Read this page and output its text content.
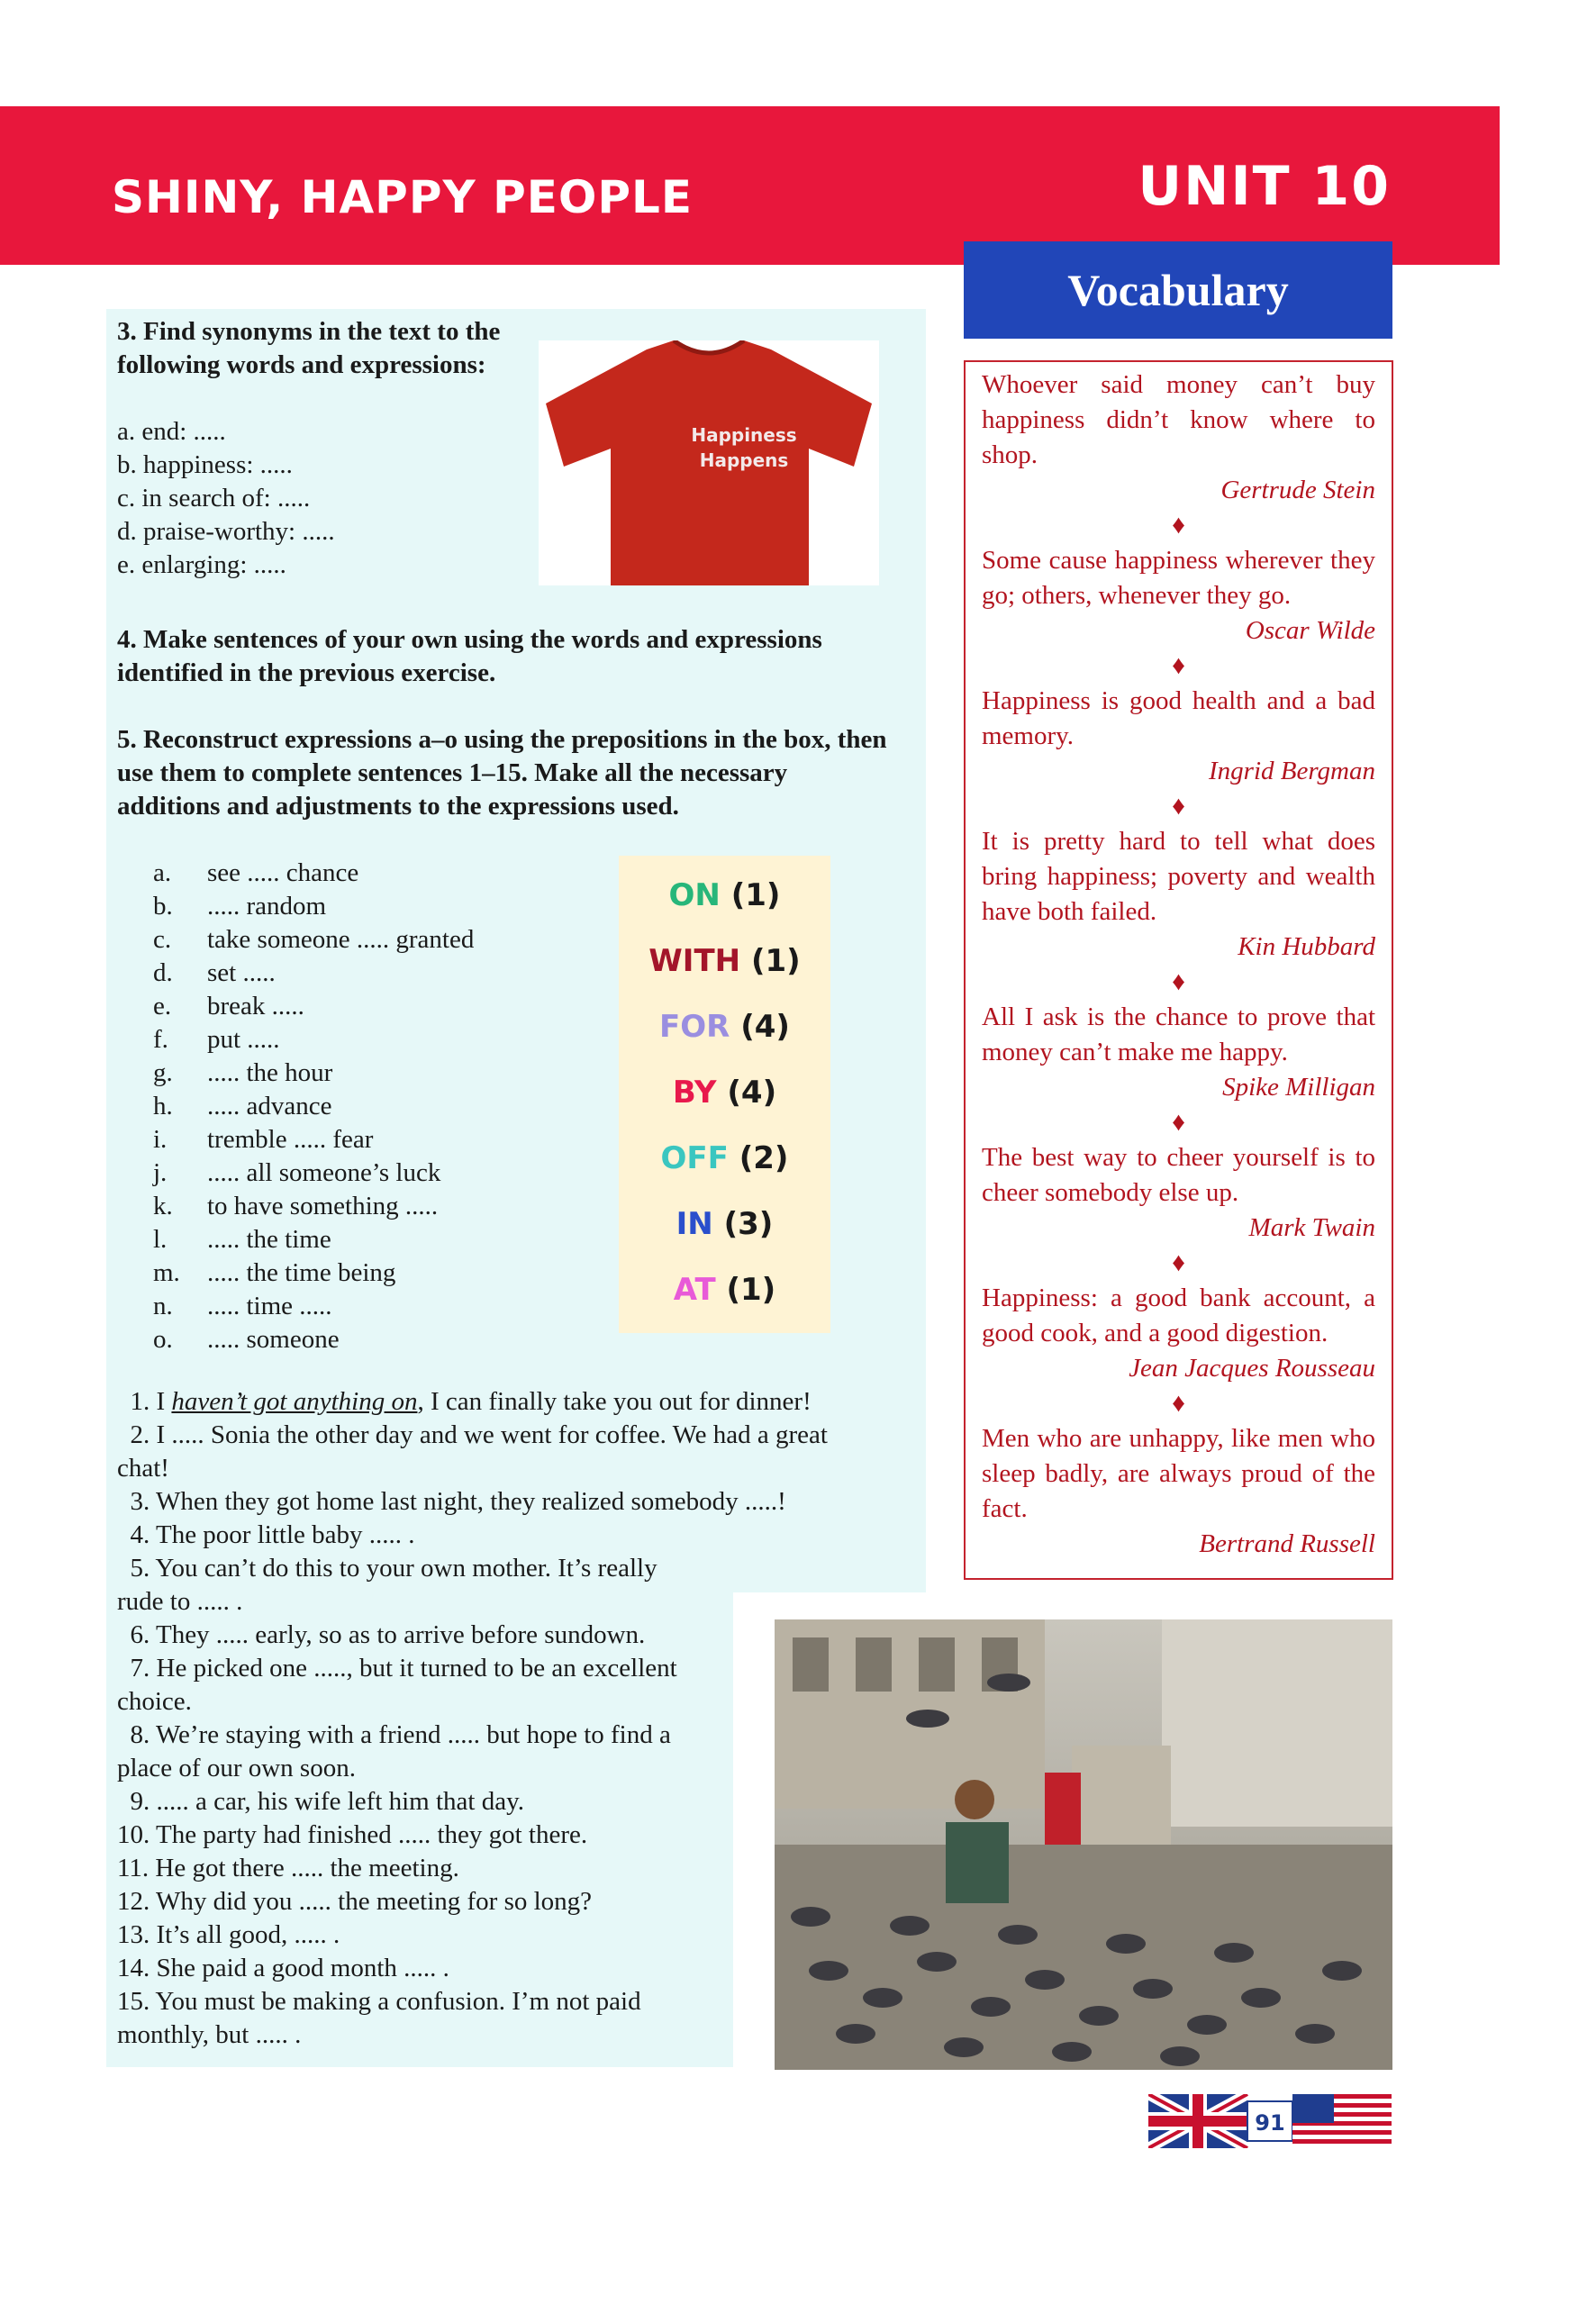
SHINY, HAPPY PEOPLE	UNIT 10
Vocabulary
3. Find synonyms in the text to the
following words and expressions:
a. end: .....
b. happiness: .....
c. in search of: .....
d. praise-worthy: .....
e. enlarging: .....
Happiness
Happens

4. Make sentences of your own using the words and expressions
identified in the previous exercise.

5. Reconstruct expressions a–o using the prepositions in the box, then
use them to complete sentences 1–15. Make all the necessary
additions and adjustments to the expressions used.

a.	see ..... chance
b.	..... random
c.	take someone ..... granted
d.	set .....
e.	break .....
f.	put .....
g.	..... the hour
h.	..... advance
i.	tremble ..... fear
j.	..... all someone’s luck
k.	to have something .....
l.	..... the time
m.	..... the time being
n.	..... time .....
o.	..... someone
ON (1)
WITH (1)
FOR (4)
BY (4)
OFF (2)
IN (3)
AT (1)
1. I haven’t got anything on, I can finally take you out for dinner!
2. I ..... Sonia the other day and we went for coffee. We had a great
chat!
3. When they got home last night, they realized somebody .....!
4. The poor little baby ..... .
5. You can’t do this to your own mother. It’s really
rude to ..... .
6. They ..... early, so as to arrive before sundown.
7. He picked one ....., but it turned to be an excellent
choice.
8. We’re staying with a friend ..... but hope to find a
place of our own soon.
9. ..... a car, his wife left him that day.
10. The party had finished ..... they got there.
11. He got there ..... the meeting.
12. Why did you ..... the meeting for so long?
13. It’s all good, ..... .
14. She paid a good month ..... .
15. You must be making a confusion. I’m not paid
monthly, but ..... .

Whoever said money can’t buy happiness didn’t know where to shop.

Gertrude Stein

♦

Some cause happiness wherever they go; others, whenever they go.

Oscar Wilde

♦

Happiness is good health and a bad memory.

Ingrid Bergman

♦

It is pretty hard to tell what does bring happiness; poverty and wealth have both failed.

Kin Hubbard

♦

All I ask is the chance to prove that money can’t make me happy.

Spike Milligan

♦

The best way to cheer yourself is to cheer somebody else up.

Mark Twain

♦

Happiness: a good bank account, a good cook, and a good digestion.

Jean Jacques Rousseau

♦

Men who are unhappy, like men who sleep badly, are always proud of the fact.

Bertrand Russell

91
